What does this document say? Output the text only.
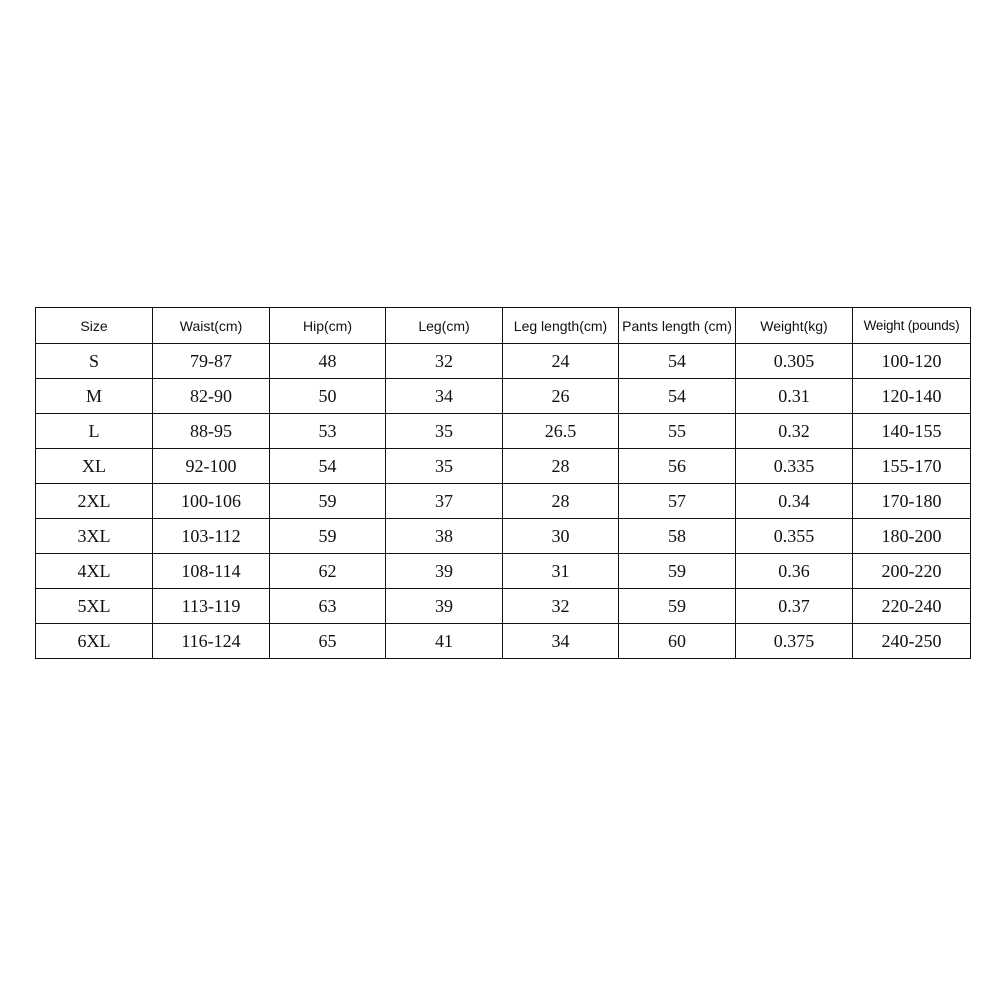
Size	Waist(cm)	Hip(cm)	Leg(cm)	Leg length(cm)	Pants length (cm)	Weight(kg)	Weight (pounds)
S	79-87	48	32	24	54	0.305	100-120
M	82-90	50	34	26	54	0.31	120-140
L	88-95	53	35	26.5	55	0.32	140-155
XL	92-100	54	35	28	56	0.335	155-170
2XL	100-106	59	37	28	57	0.34	170-180
3XL	103-112	59	38	30	58	0.355	180-200
4XL	108-114	62	39	31	59	0.36	200-220
5XL	113-119	63	39	32	59	0.37	220-240
6XL	116-124	65	41	34	60	0.375	240-250
